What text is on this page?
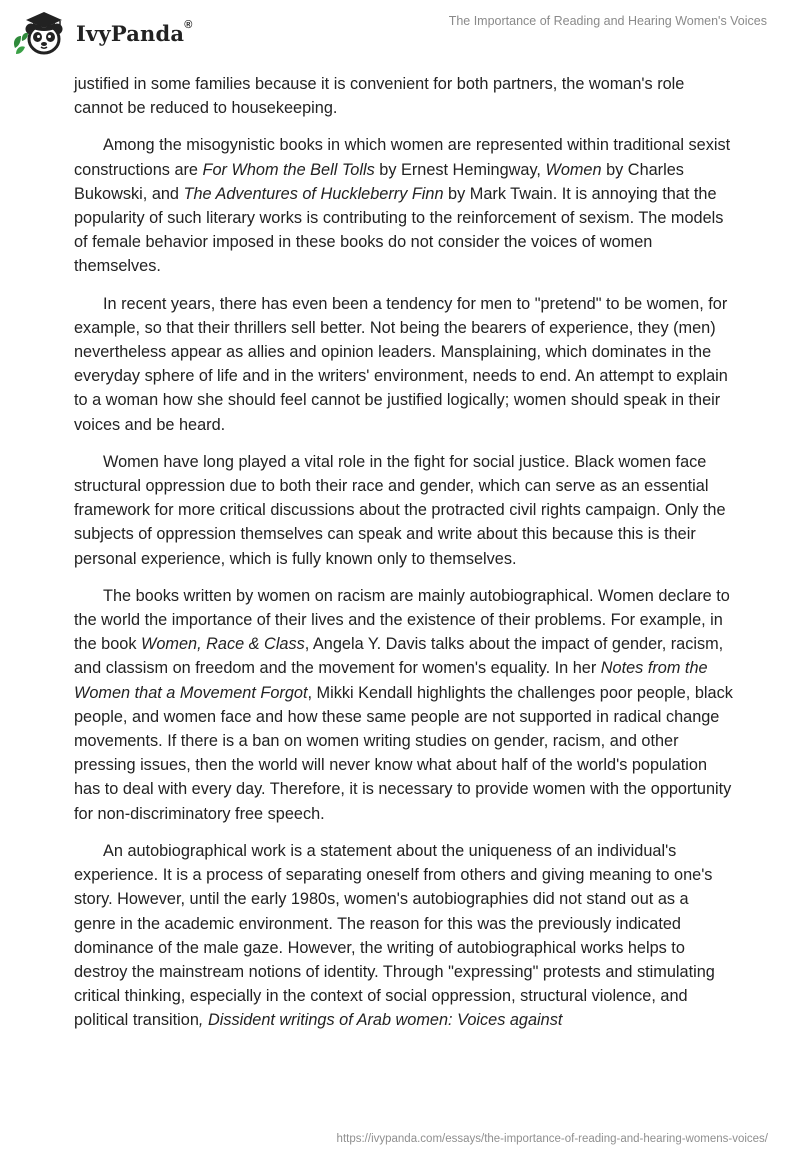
IvyPanda®	The Importance of Reading and Hearing Women's Voices

justified in some families because it is convenient for both partners, the woman's role cannot be reduced to housekeeping.

Among the misogynistic books in which women are represented within traditional sexist constructions are For Whom the Bell Tolls by Ernest Hemingway, Women by Charles Bukowski, and The Adventures of Huckleberry Finn by Mark Twain. It is annoying that the popularity of such literary works is contributing to the reinforcement of sexism. The models of female behavior imposed in these books do not consider the voices of women themselves.

In recent years, there has even been a tendency for men to "pretend" to be women, for example, so that their thrillers sell better. Not being the bearers of experience, they (men) nevertheless appear as allies and opinion leaders. Mansplaining, which dominates in the everyday sphere of life and in the writers' environment, needs to end. An attempt to explain to a woman how she should feel cannot be justified logically; women should speak in their voices and be heard.

Women have long played a vital role in the fight for social justice. Black women face structural oppression due to both their race and gender, which can serve as an essential framework for more critical discussions about the protracted civil rights campaign. Only the subjects of oppression themselves can speak and write about this because this is their personal experience, which is fully known only to themselves.

The books written by women on racism are mainly autobiographical. Women declare to the world the importance of their lives and the existence of their problems. For example, in the book Women, Race & Class, Angela Y. Davis talks about the impact of gender, racism, and classism on freedom and the movement for women's equality. In her Notes from the Women that a Movement Forgot, Mikki Kendall highlights the challenges poor people, black people, and women face and how these same people are not supported in radical change movements. If there is a ban on women writing studies on gender, racism, and other pressing issues, then the world will never know what about half of the world's population has to deal with every day. Therefore, it is necessary to provide women with the opportunity for non-discriminatory free speech.

An autobiographical work is a statement about the uniqueness of an individual's experience. It is a process of separating oneself from others and giving meaning to one's story. However, until the early 1980s, women's autobiographies did not stand out as a genre in the academic environment. The reason for this was the previously indicated dominance of the male gaze. However, the writing of autobiographical works helps to destroy the mainstream notions of identity. Through "expressing" protests and stimulating critical thinking, especially in the context of social oppression, structural violence, and political transition, Dissident writings of Arab women: Voices against

https://ivypanda.com/essays/the-importance-of-reading-and-hearing-womens-voices/
